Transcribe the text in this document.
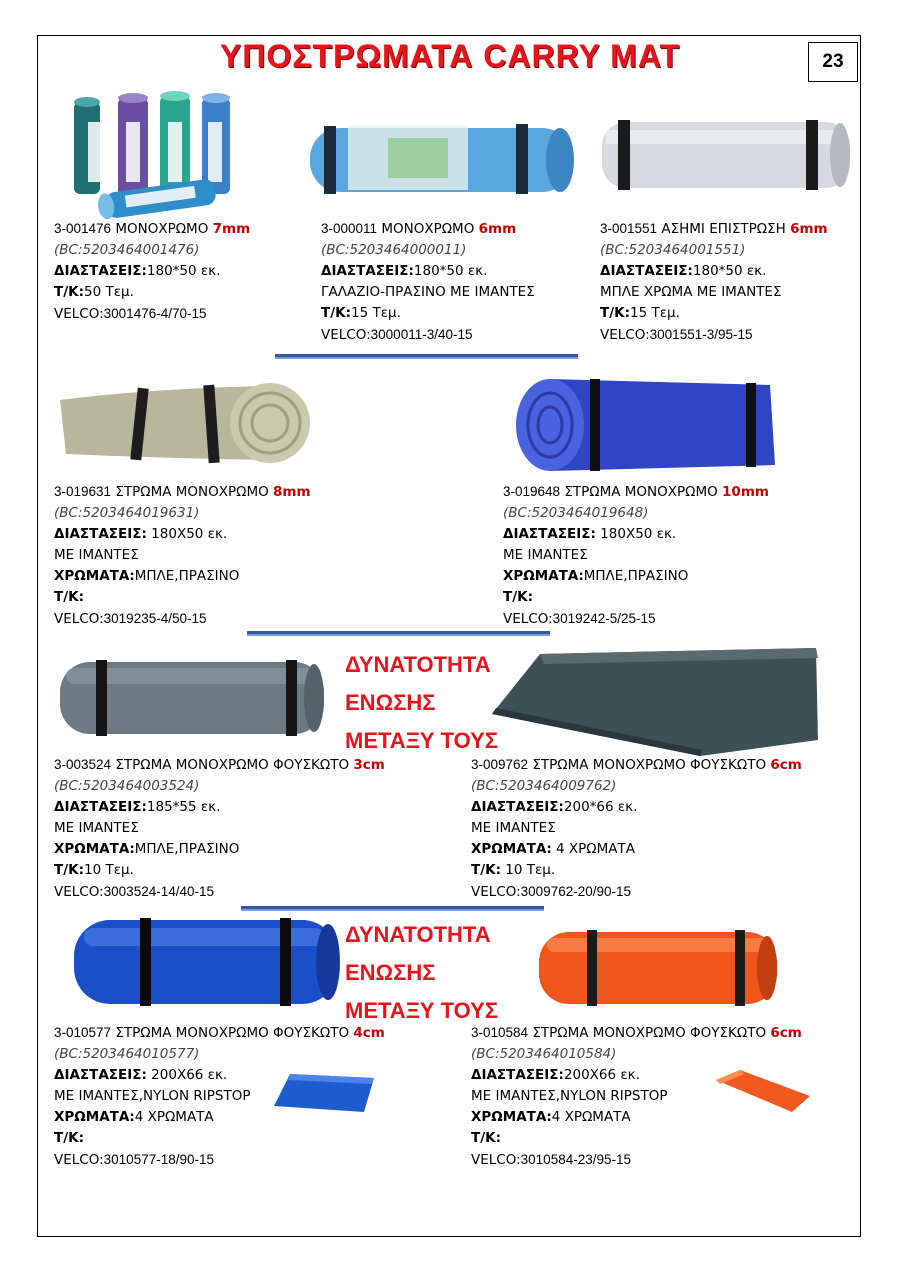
ΥΠΟΣΤΡΩΜΑΤΑ CARRY MAT	23
ΔΥΝΑΤΟΤΗΤΑ
ΕΝΩΣΗΣ
ΜΕΤΑΞΥ ΤΟΥΣ
ΔΥΝΑΤΟΤΗΤΑ
ΕΝΩΣΗΣ
ΜΕΤΑΞΥ ΤΟΥΣ
3-001476 ΜΟΝΟΧΡΩΜΟ 7mm
(BC:5203464001476)
ΔΙΑΣΤΑΣΕΙΣ:180*50 εκ.
Τ/Κ:50 Τεμ.
VELCO:3001476-4/70-15
3-000011 ΜΟΝΟΧΡΩΜΟ 6mm
(BC:5203464000011)
ΔΙΑΣΤΑΣΕΙΣ:180*50 εκ.
ΓΑΛΑΖΙΟ-ΠΡΑΣΙΝΟ ΜΕ ΙΜΑΝΤΕΣ
Τ/Κ:15 Τεμ.
VELCO:3000011-3/40-15
3-001551 ΑΣΗΜΙ ΕΠΙΣΤΡΩΣΗ 6mm
(BC:5203464001551)
ΔΙΑΣΤΑΣΕΙΣ:180*50 εκ.
ΜΠΛΕ ΧΡΩΜΑ ΜΕ ΙΜΑΝΤΕΣ
Τ/Κ:15 Τεμ.
VELCO:3001551-3/95-15
3-019631 ΣΤΡΩΜΑ ΜΟΝΟΧΡΩΜΟ 8mm
(BC:5203464019631)
ΔΙΑΣΤΑΣΕΙΣ: 180X50 εκ.
ΜΕ ΙΜΑΝΤΕΣ
ΧΡΩΜΑΤΑ:ΜΠΛΕ,ΠΡΑΣΙΝΟ
Τ/Κ:
VELCO:3019235-4/50-15
3-019648 ΣΤΡΩΜΑ ΜΟΝΟΧΡΩΜΟ 10mm
(BC:5203464019648)
ΔΙΑΣΤΑΣΕΙΣ: 180X50 εκ.
ΜΕ ΙΜΑΝΤΕΣ
ΧΡΩΜΑΤΑ:ΜΠΛΕ,ΠΡΑΣΙΝΟ
Τ/Κ:
VELCO:3019242-5/25-15
3-003524 ΣΤΡΩΜΑ ΜΟΝΟΧΡΩΜΟ ΦΟΥΣΚΩΤΟ 3cm
(BC:5203464003524)
ΔΙΑΣΤΑΣΕΙΣ:185*55 εκ.
ΜΕ ΙΜΑΝΤΕΣ
ΧΡΩΜΑΤΑ:ΜΠΛΕ,ΠΡΑΣΙΝΟ
Τ/Κ:10 Τεμ.
VELCO:3003524-14/40-15
3-009762 ΣΤΡΩΜΑ ΜΟΝΟΧΡΩΜΟ ΦΟΥΣΚΩΤΟ 6cm
(BC:5203464009762)
ΔΙΑΣΤΑΣΕΙΣ:200*66 εκ.
ΜΕ ΙΜΑΝΤΕΣ
ΧΡΩΜΑΤΑ: 4 ΧΡΩΜΑΤΑ
Τ/Κ: 10 Τεμ.
VELCO:3009762-20/90-15
3-010577 ΣΤΡΩΜΑ ΜΟΝΟΧΡΩΜΟ ΦΟΥΣΚΩΤΟ 4cm
(BC:5203464010577)
ΔΙΑΣΤΑΣΕΙΣ: 200X66 εκ.
ΜΕ ΙΜΑΝΤΕΣ,NYLON RIPSTOP
ΧΡΩΜΑΤΑ:4 ΧΡΩΜΑΤΑ
Τ/Κ:
VELCO:3010577-18/90-15
3-010584 ΣΤΡΩΜΑ ΜΟΝΟΧΡΩΜΟ ΦΟΥΣΚΩΤΟ 6cm
(BC:5203464010584)
ΔΙΑΣΤΑΣΕΙΣ:200X66 εκ.
ΜΕ ΙΜΑΝΤΕΣ,NYLON RIPSTOP
ΧΡΩΜΑΤΑ:4 ΧΡΩΜΑΤΑ
Τ/Κ:
VELCO:3010584-23/95-15
